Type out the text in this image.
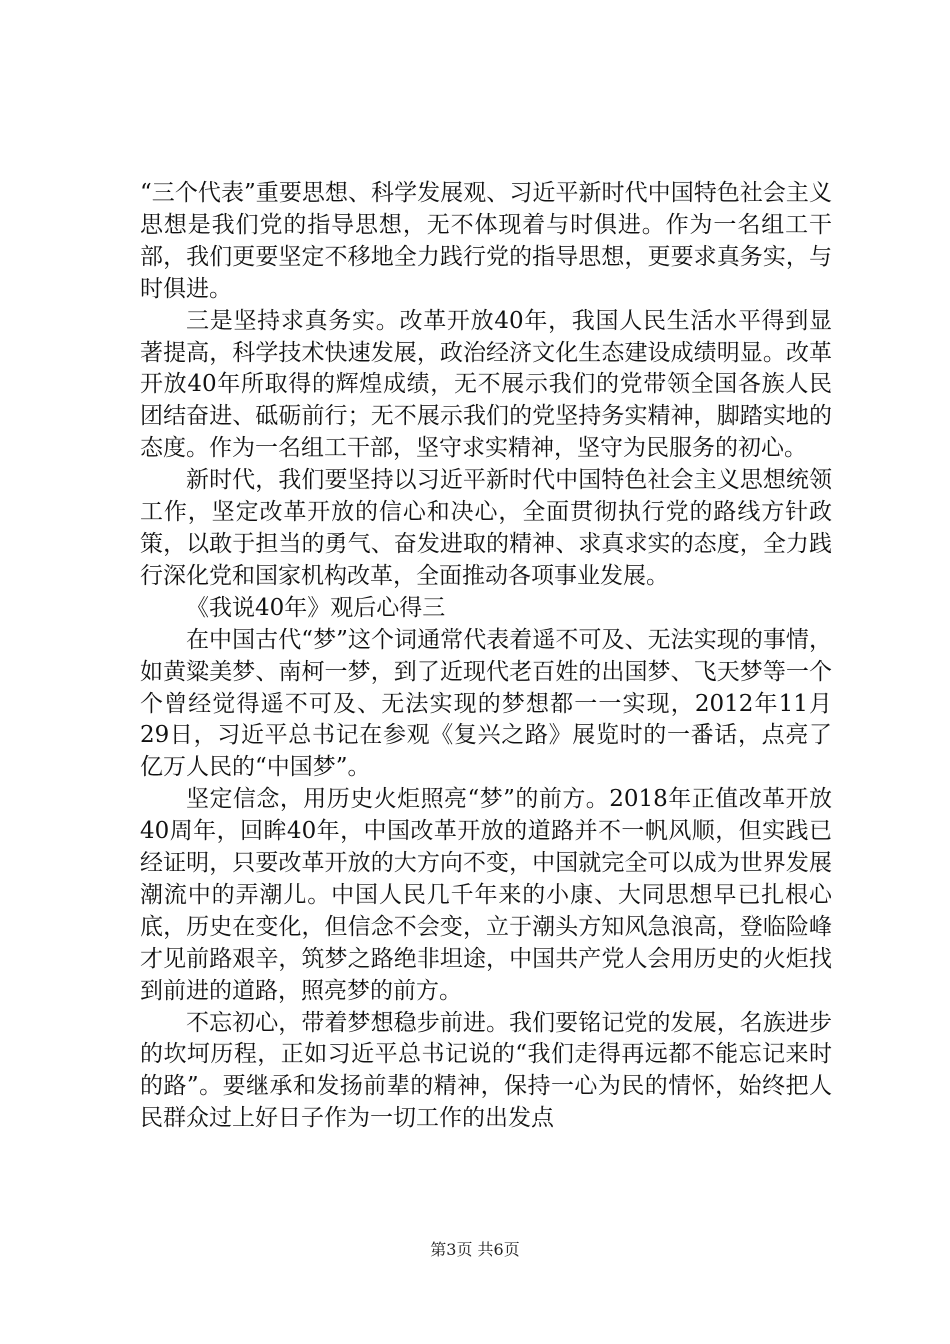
“三个代表”重要思想、科学发展观、习近平新时代中国特色社会主义思想是我们党的指导思想，无不体现着与时俱进。作为一名组工干部，我们更要坚定不移地全力践行党的指导思想，更要求真务实，与时俱进。

三是坚持求真务实。改革开放40年，我国人民生活水平得到显著提高，科学技术快速发展，政治经济文化生态建设成绩明显。改革开放40年所取得的辉煌成绩，无不展示我们的党带领全国各族人民团结奋进、砥砺前行；无不展示我们的党坚持务实精神，脚踏实地的态度。作为一名组工干部，坚守求实精神，坚守为民服务的初心。

新时代，我们要坚持以习近平新时代中国特色社会主义思想统领工作，坚定改革开放的信心和决心，全面贯彻执行党的路线方针政策，以敢于担当的勇气、奋发进取的精神、求真求实的态度，全力践行深化党和国家机构改革，全面推动各项事业发展。

《我说40年》观后心得三

在中国古代“梦”这个词通常代表着遥不可及、无法实现的事情，如黄粱美梦、南柯一梦，到了近现代老百姓的出国梦、飞天梦等一个个曾经觉得遥不可及、无法实现的梦想都一一实现，2012年11月29日，习近平总书记在参观《复兴之路》展览时的一番话，点亮了亿万人民的“中国梦”。

坚定信念，用历史火炬照亮“梦”的前方。2018年正值改革开放40周年，回眸40年，中国改革开放的道路并不一帆风顺，但实践已经证明，只要改革开放的大方向不变，中国就完全可以成为世界发展潮流中的弄潮儿。中国人民几千年来的小康、大同思想早已扎根心底，历史在变化，但信念不会变，立于潮头方知风急浪高，登临险峰才见前路艰辛，筑梦之路绝非坦途，中国共产党人会用历史的火炬找到前进的道路，照亮梦的前方。

不忘初心，带着梦想稳步前进。我们要铭记党的发展，名族进步的坎坷历程，正如习近平总书记说的“我们走得再远都不能忘记来时的路”。要继承和发扬前辈的精神，保持一心为民的情怀，始终把人民群众过上好日子作为一切工作的出发点

第3页 共6页
